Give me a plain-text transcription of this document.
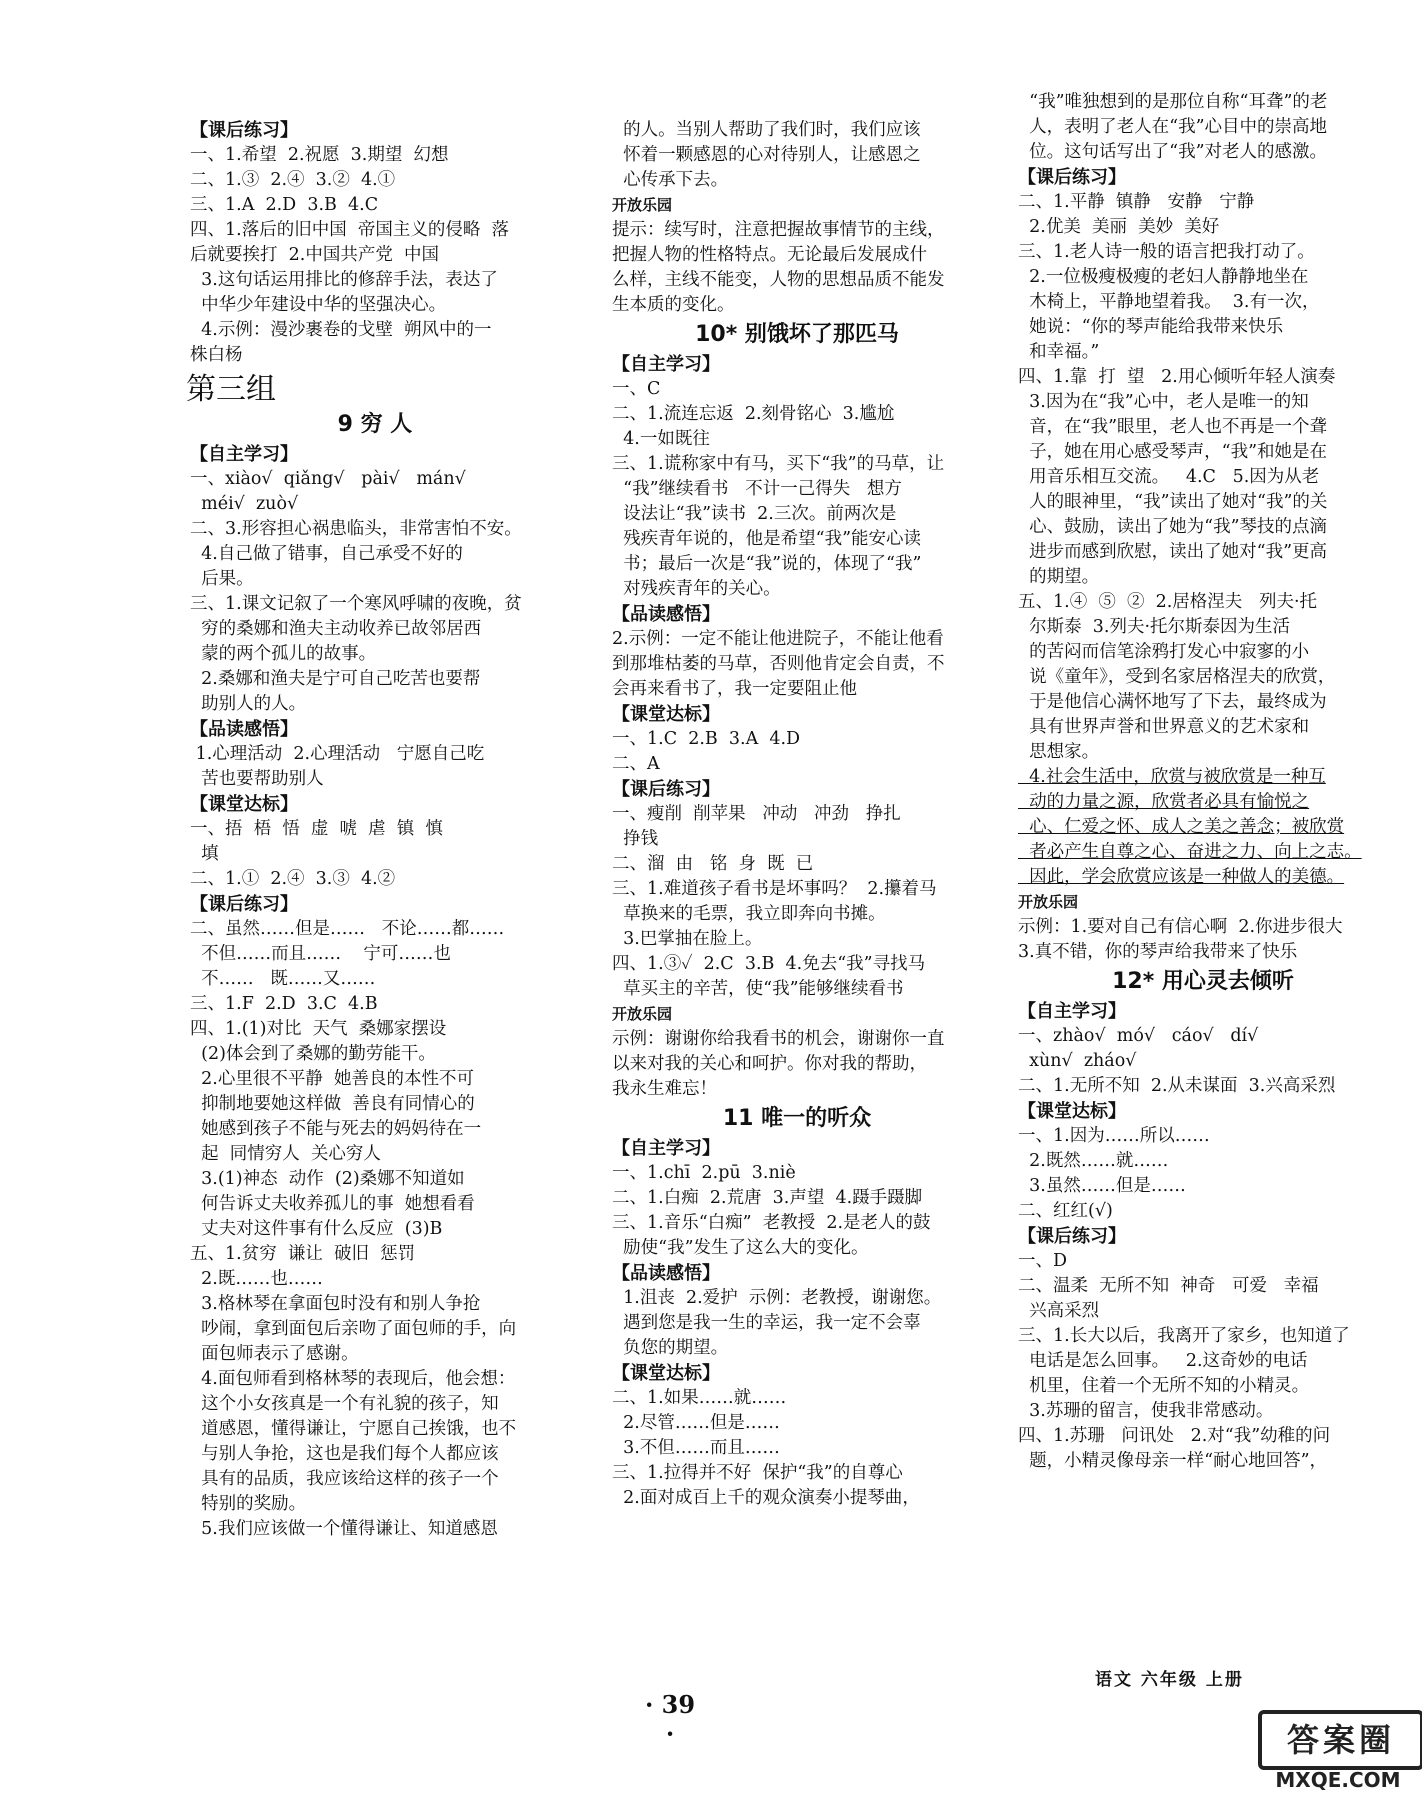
【课后练习】
一、1.希望  2.祝愿  3.期望  幻想
二、1.③  2.④  3.②  4.①
三、1.A  2.D  3.B  4.C
四、1.落后的旧中国  帝国主义的侵略  落
后就要挨打  2.中国共产党  中国
3.这句话运用排比的修辞手法，表达了
中华少年建设中华的坚强决心。
4.示例：漫沙裹卷的戈壁  朔风中的一
株白杨
第三组
9 穷 人
【自主学习】
一、xiào√  qiǎng√   pài√   mán√
méi√  zuò√
二、3.形容担心祸患临头，非常害怕不安。
4.自己做了错事，自己承受不好的
后果。
三、1.课文记叙了一个寒风呼啸的夜晚，贫
穷的桑娜和渔夫主动收养已故邻居西
蒙的两个孤儿的故事。
2.桑娜和渔夫是宁可自己吃苦也要帮
助别人的人。
【品读感悟】
1.心理活动  2.心理活动   宁愿自己吃
苦也要帮助别人
【课堂达标】
一、捂  梧  悟  虚  唬  虐  镇  慎
填
二、1.①  2.④  3.③  4.②
【课后练习】
二、虽然……但是……   不论……都……
不但……而且……    宁可……也
不……   既……又……
三、1.F  2.D  3.C  4.B
四、1.(1)对比  天气  桑娜家摆设
(2)体会到了桑娜的勤劳能干。
2.心里很不平静  她善良的本性不可
抑制地要她这样做  善良有同情心的
她感到孩子不能与死去的妈妈待在一
起  同情穷人  关心穷人
3.(1)神态  动作  (2)桑娜不知道如
何告诉丈夫收养孤儿的事  她想看看
丈夫对这件事有什么反应  (3)B
五、1.贫穷  谦让  破旧  惩罚
2.既……也……
3.格林琴在拿面包时没有和别人争抢
吵闹，拿到面包后亲吻了面包师的手，向
面包师表示了感谢。
4.面包师看到格林琴的表现后，他会想：
这个小女孩真是一个有礼貌的孩子，知
道感恩，懂得谦让，宁愿自己挨饿，也不
与别人争抢，这也是我们每个人都应该
具有的品质，我应该给这样的孩子一个
特别的奖励。
5.我们应该做一个懂得谦让、知道感恩
的人。当别人帮助了我们时，我们应该
怀着一颗感恩的心对待别人，让感恩之
心传承下去。
开放乐园
提示：续写时，注意把握故事情节的主线，
把握人物的性格特点。无论最后发展成什
么样，主线不能变，人物的思想品质不能发
生本质的变化。
10* 别饿坏了那匹马
【自主学习】
一、C
二、1.流连忘返  2.刻骨铭心  3.尴尬
4.一如既往
三、1.谎称家中有马，买下“我”的马草，让
“我”继续看书   不计一己得失   想方
设法让“我”读书  2.三次。前两次是
残疾青年说的，他是希望“我”能安心读
书；最后一次是“我”说的，体现了“我”
对残疾青年的关心。
【品读感悟】
2.示例：一定不能让他进院子，不能让他看
到那堆枯萎的马草，否则他肯定会自责，不
会再来看书了，我一定要阻止他
【课堂达标】
一、1.C  2.B  3.A  4.D
二、A
【课后练习】
一、瘦削  削苹果   冲动   冲劲   挣扎
挣钱
二、溜  由   铭  身  既  已
三、1.难道孩子看书是坏事吗？  2.攥着马
草换来的毛票，我立即奔向书摊。
3.巴掌抽在脸上。
四、1.③✓  2.C  3.B  4.免去“我”寻找马
草买主的辛苦，使“我”能够继续看书
开放乐园
示例：谢谢你给我看书的机会，谢谢你一直
以来对我的关心和呵护。你对我的帮助，
我永生难忘！
11 唯一的听众
【自主学习】
一、1.chī  2.pū  3.niè
二、1.白痴  2.荒唐  3.声望  4.蹑手蹑脚
三、1.音乐“白痴”  老教授  2.是老人的鼓
励使“我”发生了这么大的变化。
【品读感悟】
1.沮丧  2.爱护  示例：老教授，谢谢您。
遇到您是我一生的幸运，我一定不会辜
负您的期望。
【课堂达标】
二、1.如果……就……
2.尽管……但是……
3.不但……而且……
三、1.拉得并不好  保护“我”的自尊心
2.面对成百上千的观众演奏小提琴曲，
“我”唯独想到的是那位自称“耳聋”的老
人，表明了老人在“我”心目中的崇高地
位。这句话写出了“我”对老人的感激。
【课后练习】
二、1.平静  镇静   安静   宁静
2.优美  美丽  美妙  美好
三、1.老人诗一般的语言把我打动了。
2.一位极瘦极瘦的老妇人静静地坐在
木椅上，平静地望着我。  3.有一次，
她说：“你的琴声能给我带来快乐
和幸福。”
四、1.靠  打  望   2.用心倾听年轻人演奏
3.因为在“我”心中，老人是唯一的知
音，在“我”眼里，老人也不再是一个聋
子，她在用心感受琴声，“我”和她是在
用音乐相互交流。   4.C   5.因为从老
人的眼神里，“我”读出了她对“我”的关
心、鼓励，读出了她为“我”琴技的点滴
进步而感到欣慰，读出了她对“我”更高
的期望。
五、1.④  ⑤  ②  2.居格涅夫   列夫·托
尔斯泰  3.列夫·托尔斯泰因为生活
的苦闷而信笔涂鸦打发心中寂寥的小
说《童年》，受到名家居格涅夫的欣赏，
于是他信心满怀地写了下去，最终成为
具有世界声誉和世界意义的艺术家和
思想家。
4.社会生活中，欣赏与被欣赏是一种互
动的力量之源，欣赏者必具有愉悦之
心、仁爱之怀、成人之美之善念；被欣赏
者必产生自尊之心、奋进之力、向上之志。
因此，学会欣赏应该是一种做人的美德。
开放乐园
示例：1.要对自己有信心啊  2.你进步很大
3.真不错，你的琴声给我带来了快乐
12* 用心灵去倾听
【自主学习】
一、zhào√  mó√   cáo√   dí√
xùn√  zháo√
二、1.无所不知  2.从未谋面  3.兴高采烈
【课堂达标】
一、1.因为……所以……
2.既然……就……
3.虽然……但是……
二、红红(√)
【课后练习】
一、D
二、温柔  无所不知  神奇   可爱   幸福
兴高采烈
三、1.长大以后，我离开了家乡，也知道了
电话是怎么回事。   2.这奇妙的电话
机里，住着一个无所不知的小精灵。
3.苏珊的留言，使我非常感动。
四、1.苏珊   问讯处   2.对“我”幼稚的问
题，小精灵像母亲一样“耐心地回答”，
语文 六年级 上册
· 39 ·	答案圈
MXQE.COM
